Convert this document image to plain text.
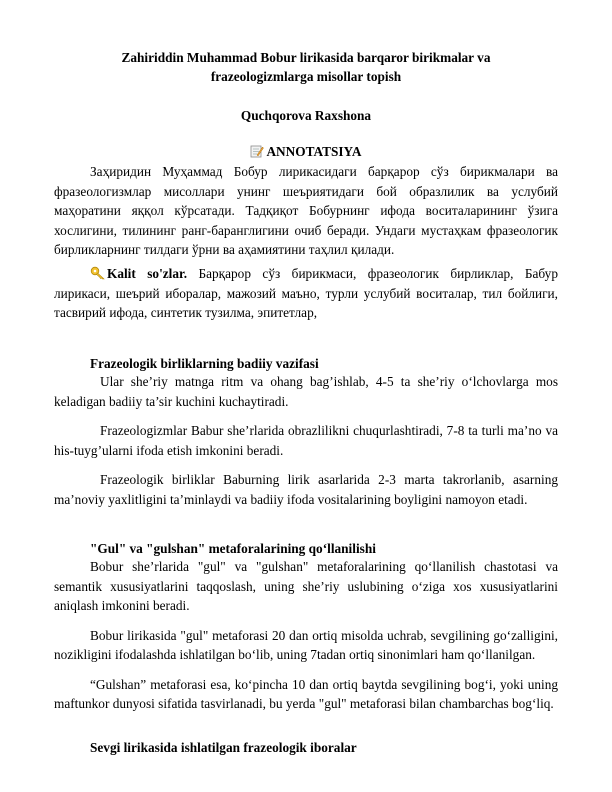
Zahiriddin Muhammad Bobur lirikasida barqaror birikmalar va
frazeologizmlarga misollar topish
Quchqorova Raxshona
ANNOTATSIYA

Заҳиридин Муҳаммад Бобур лирикасидаги барқарор сўз бирикмалари ва фразеологизмлар мисоллари унинг шеъриятидаги бой образлилик ва услубий маҳоратини яққол кўрсатади. Тадқиқот Бобурнинг ифода воситаларининг ўзига хослигини, тилининг ранг-баранглигини очиб беради. Ундаги мустаҳкам фразеологик бирликларнинг тилдаги ўрни ва аҳамиятини таҳлил қилади.

Kalit so'zlar. Барқарор сўз бирикмаси, фразеологик бирликлар, Бабур лирикаси, шеърий иборалар, мажозий маъно, турли услубий воситалар, тил бойлиги, тасвирий ифода, синтетик тузилма, эпитетлар,

Frazeologik birliklarning badiiy vazifasi

Ular she’riy matnga ritm va ohang bag’ishlab, 4-5 ta she’riy o‘lchovlarga mos keladigan badiiy ta’sir kuchini kuchaytiradi.

Frazeologizmlar Babur she’rlarida obrazlilikni chuqurlashtiradi, 7-8 ta turli ma’no va his-tuyg’ularni ifoda etish imkonini beradi.

Frazeologik birliklar Baburning lirik asarlarida 2-3 marta takrorlanib, asarning ma’noviy yaxlitligini ta’minlaydi va badiiy ifoda vositalarining boyligini namoyon etadi.

"Gul" va "gulshan" metaforalarining qo‘llanilishi

Bobur she’rlarida "gul" va "gulshan" metaforalarining qo‘llanilish chastotasi va semantik xususiyatlarini taqqoslash, uning she’riy uslubining o‘ziga xos xususiyatlarini aniqlash imkonini beradi.

Bobur lirikasida "gul" metaforasi 20 dan ortiq misolda uchrab, sevgilining go‘zalligini, nozikligini ifodalashda ishlatilgan bo‘lib, uning 7tadan ortiq sinonimlari ham qo‘llanilgan.

“Gulshan” metaforasi esa, ko‘pincha 10 dan ortiq baytda sevgilining bog‘i, yoki uning maftunkor dunyosi sifatida tasvirlanadi, bu yerda "gul" metaforasi bilan chambarchas bog‘liq.

Sevgi lirikasida ishlatilgan frazeologik iboralar
